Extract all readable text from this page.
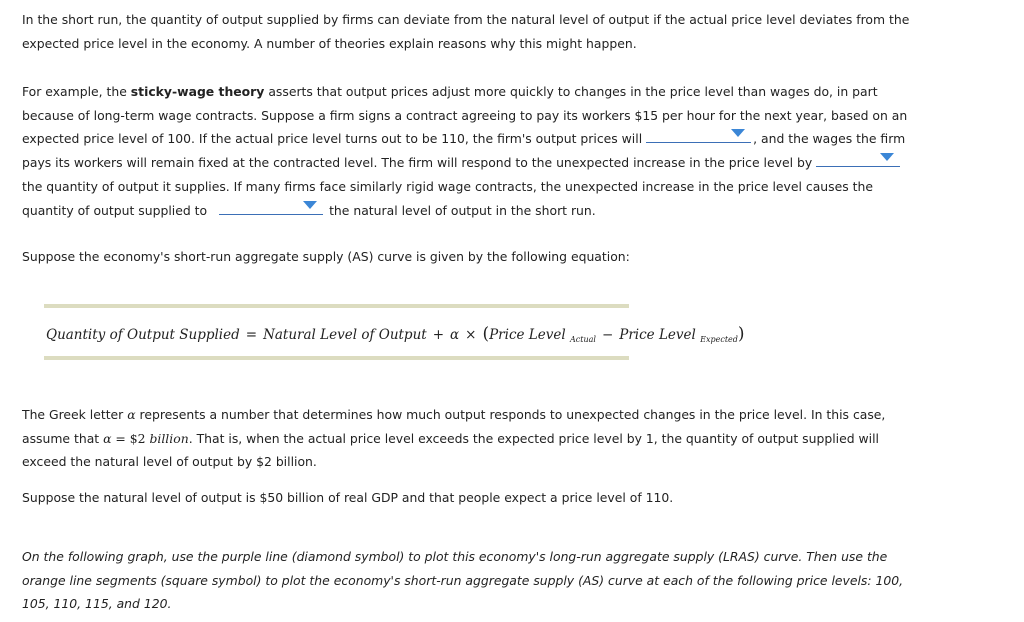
In the short run, the quantity of output supplied by firms can deviate from the natural level of output if the actual price level deviates from the expected price level in the economy. A number of theories explain reasons why this might happen.

For example, the sticky-wage theory asserts that output prices adjust more quickly to changes in the price level than wages do, in part because of long-term wage contracts. Suppose a firm signs a contract agreeing to pay its workers $15 per hour for the next year, based on an expected price level of 100. If the actual price level turns out to be 110, the firm's output prices will	, and the wages the firm pays its workers will remain fixed at the contracted level. The firm will respond to the unexpected increase in the price level by
the quantity of output it supplies. If many firms face similarly rigid wage contracts, the unexpected increase in the price level causes the quantity of output supplied to	the natural level of output in the short run.

Suppose the economy's short-run aggregate supply (AS) curve is given by the following equation:

Quantity of Output Supplied = Natural Level of Output + α × (Price Level $_{Actual}$ − Price Level $_{Expected}$)

The Greek letter α represents a number that determines how much output responds to unexpected changes in the price level. In this case, assume that α = $2 billion. That is, when the actual price level exceeds the expected price level by 1, the quantity of output supplied will exceed the natural level of output by $2 billion.

Suppose the natural level of output is $50 billion of real GDP and that people expect a price level of 110.

On the following graph, use the purple line (diamond symbol) to plot this economy's long-run aggregate supply (LRAS) curve. Then use the orange line segments (square symbol) to plot the economy's short-run aggregate supply (AS) curve at each of the following price levels: 100, 105, 110, 115, and 120.
